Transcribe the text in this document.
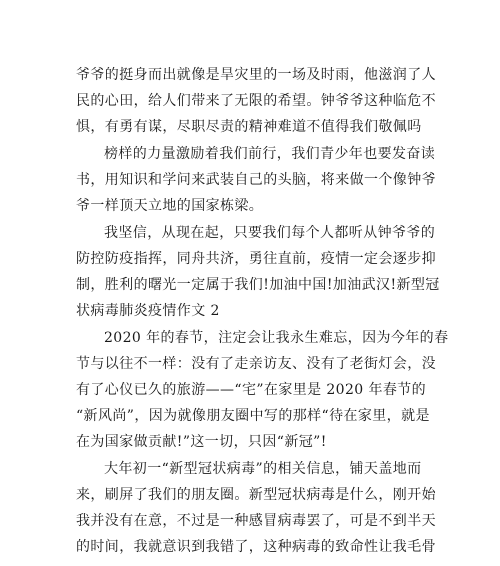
爷爷的挺身而出就像是旱灾里的一场及时雨，他滋润了人
民的心田，给人们带来了无限的希望。钟爷爷这种临危不
惧，有勇有谋，尽职尽责的精神难道不值得我们敬佩吗
榜样的力量激励着我们前行，我们青少年也要发奋读
书，用知识和学问来武装自己的头脑，将来做一个像钟爷
爷一样顶天立地的国家栋梁。
我坚信，从现在起，只要我们每个人都听从钟爷爷的
防控防疫指挥，同舟共济，勇往直前，疫情一定会逐步抑
制，胜利的曙光一定属于我们!加油中国!加油武汉!新型冠
状病毒肺炎疫情作文 2
2020 年的春节，注定会让我永生难忘，因为今年的春
节与以往不一样：没有了走亲访友、没有了老街灯会，没
有了心仪已久的旅游——“宅”在家里是 2020 年春节的
“新风尚”，因为就像朋友圈中写的那样“待在家里，就是
在为国家做贡献!”这一切，只因“新冠”!
大年初一“新型冠状病毒”的相关信息，铺天盖地而
来，刷屏了我们的朋友圈。新型冠状病毒是什么，刚开始
我并没有在意，不过是一种感冒病毒罢了，可是不到半天
的时间，我就意识到我错了，这种病毒的致命性让我毛骨
